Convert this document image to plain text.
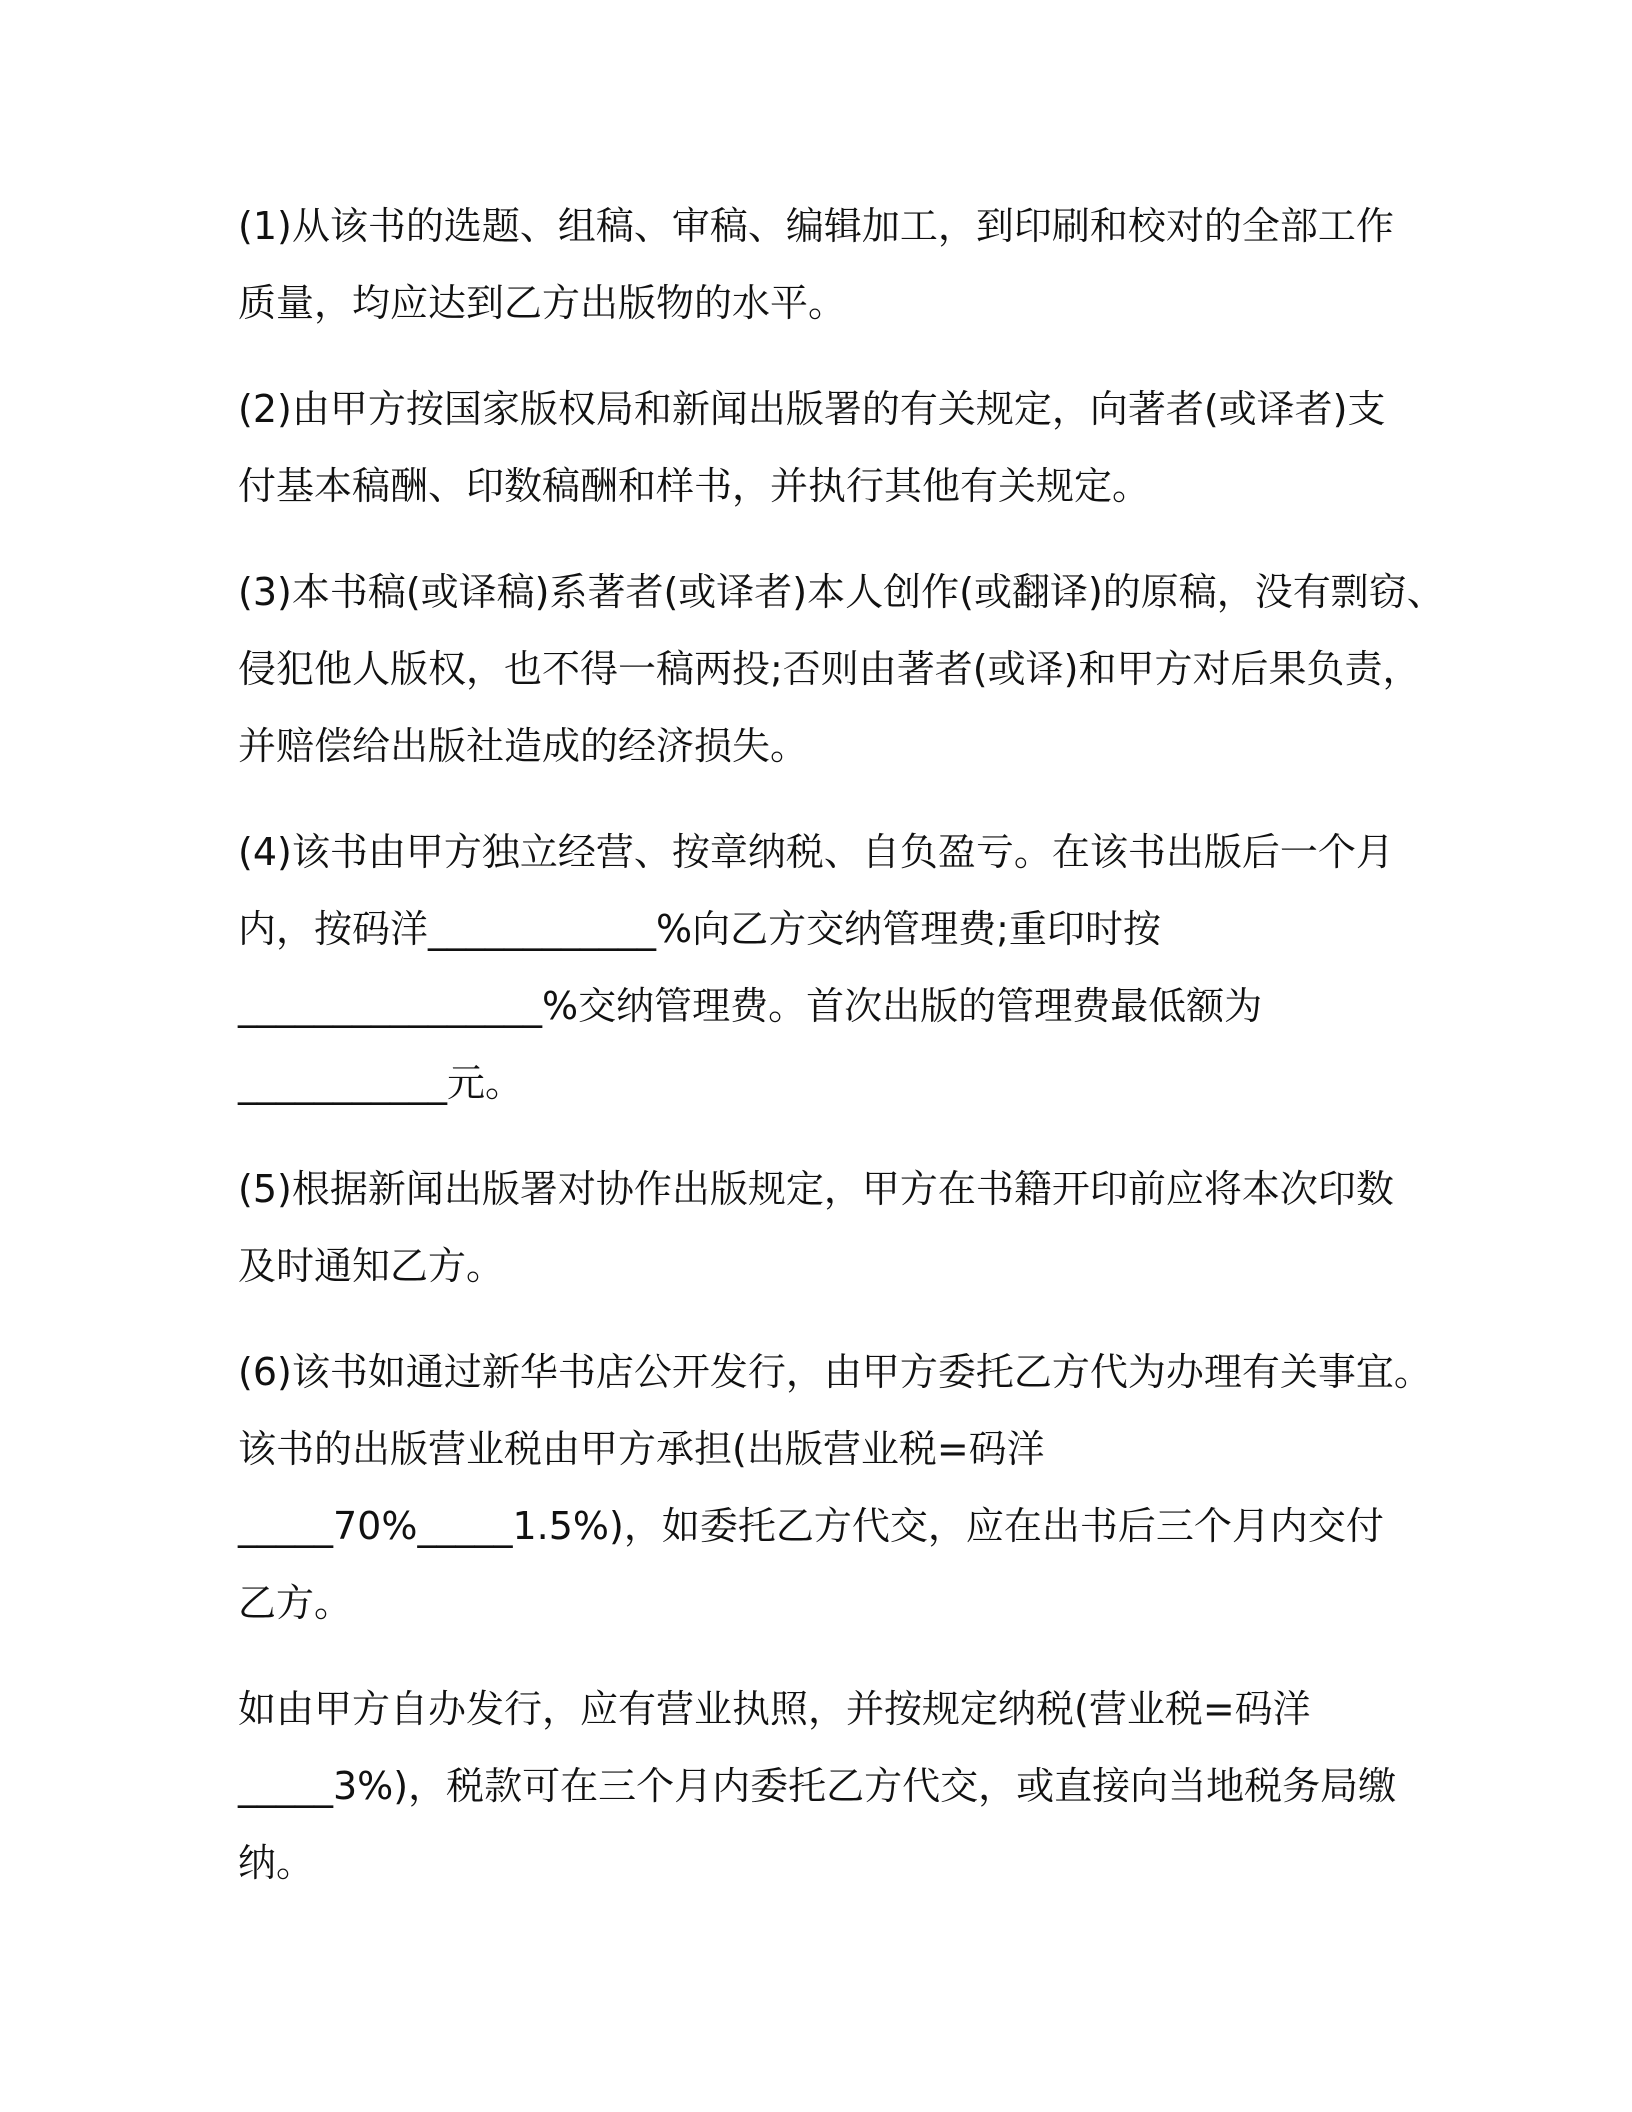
(1)从该书的选题、组稿、审稿、编辑加工，到印刷和校对的全部工作
质量，均应达到乙方出版物的水平。

(2)由甲方按国家版权局和新闻出版署的有关规定，向著者(或译者)支
付基本稿酬、印数稿酬和样书，并执行其他有关规定。

(3)本书稿(或译稿)系著者(或译者)本人创作(或翻译)的原稿，没有剽窃、
侵犯他人版权，也不得一稿两投;否则由著者(或译)和甲方对后果负责，
并赔偿给出版社造成的经济损失。

(4)该书由甲方独立经营、按章纳税、自负盈亏。在该书出版后一个月
内，按码洋____________%向乙方交纳管理费;重印时按
________________%交纳管理费。首次出版的管理费最低额为
___________元。

(5)根据新闻出版署对协作出版规定，甲方在书籍开印前应将本次印数
及时通知乙方。

(6)该书如通过新华书店公开发行，由甲方委托乙方代为办理有关事宜。
该书的出版营业税由甲方承担(出版营业税=码洋
_____70%_____1.5%)，如委托乙方代交，应在出书后三个月内交付
乙方。

如由甲方自办发行，应有营业执照，并按规定纳税(营业税=码洋
_____3%)，税款可在三个月内委托乙方代交，或直接向当地税务局缴
纳。
